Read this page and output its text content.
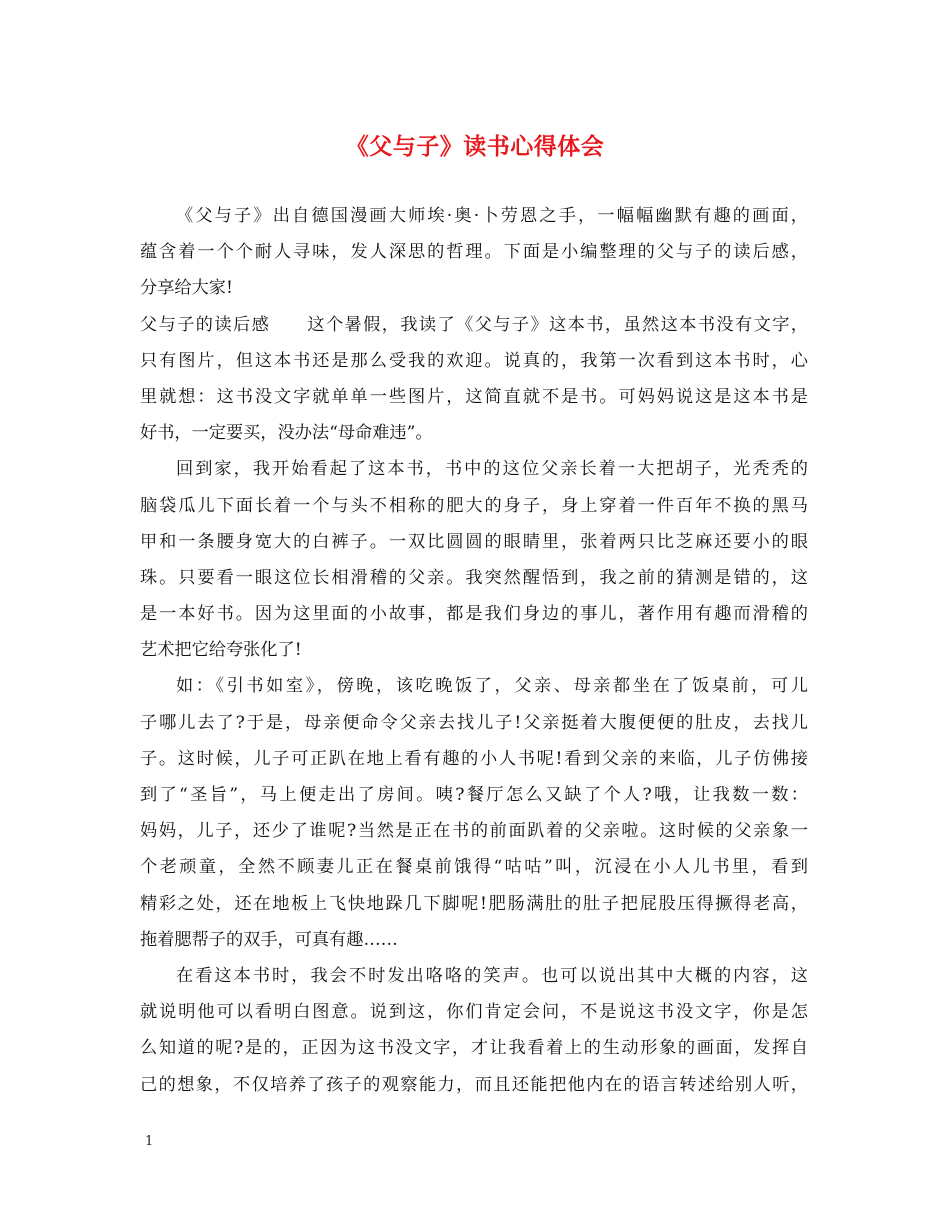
《父与子》读书心得体会
《父与子》出自德国漫画大师埃·奥·卜劳恩之手，一幅幅幽默有趣的画面，
蕴含着一个个耐人寻味，发人深思的哲理。下面是小编整理的父与子的读后感，
分享给大家!
父与子的读后感　　这个暑假，我读了《父与子》这本书，虽然这本书没有文字，
只有图片，但这本书还是那么受我的欢迎。说真的，我第一次看到这本书时，心
里就想：这书没文字就单单一些图片，这简直就不是书。可妈妈说这是这本书是
好书，一定要买，没办法“母命难违”。
回到家，我开始看起了这本书，书中的这位父亲长着一大把胡子，光秃秃的
脑袋瓜儿下面长着一个与头不相称的肥大的身子，身上穿着一件百年不换的黑马
甲和一条腰身宽大的白裤子。一双比圆圆的眼睛里，张着两只比芝麻还要小的眼
珠。只要看一眼这位长相滑稽的父亲。我突然醒悟到，我之前的猜测是错的，这
是一本好书。因为这里面的小故事，都是我们身边的事儿，著作用有趣而滑稽的
艺术把它给夸张化了!
如：《引书如室》，傍晚，该吃晚饭了，父亲、母亲都坐在了饭桌前，可儿
子哪儿去了?于是，母亲便命令父亲去找儿子!父亲挺着大腹便便的肚皮，去找儿
子。这时候，儿子可正趴在地上看有趣的小人书呢!看到父亲的来临，儿子仿佛接
到了“圣旨”，马上便走出了房间。咦?餐厅怎么又缺了个人?哦，让我数一数：
妈妈，儿子，还少了谁呢?当然是正在书的前面趴着的父亲啦。这时候的父亲象一
个老顽童，全然不顾妻儿正在餐桌前饿得“咕咕”叫，沉浸在小人儿书里，看到
精彩之处，还在地板上飞快地跺几下脚呢!肥肠满肚的肚子把屁股压得撅得老高，
拖着腮帮子的双手，可真有趣……
在看这本书时，我会不时发出咯咯的笑声。也可以说出其中大概的内容，这
就说明他可以看明白图意。说到这，你们肯定会问，不是说这书没文字，你是怎
么知道的呢?是的，正因为这书没文字，才让我看着上的生动形象的画面，发挥自
己的想象，不仅培养了孩子的观察能力，而且还能把他内在的语言转述给别人听，
1
